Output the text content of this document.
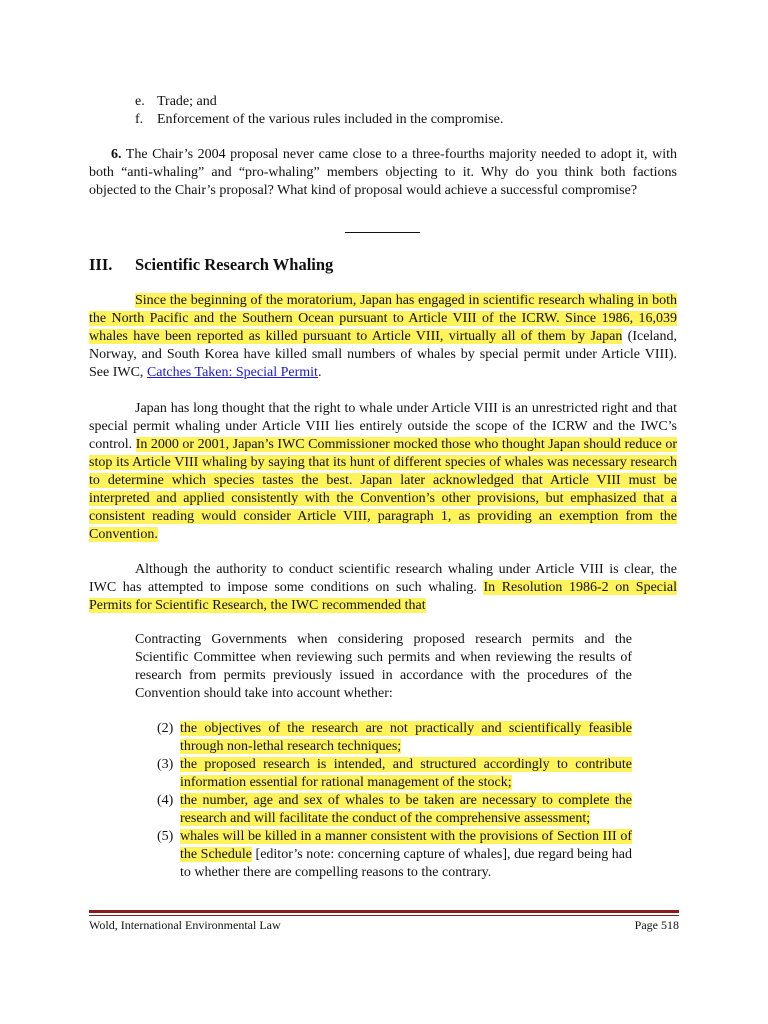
e. Trade; and
f. Enforcement of the various rules included in the compromise.
6. The Chair’s 2004 proposal never came close to a three-fourths majority needed to adopt it, with both “anti-whaling” and “pro-whaling” members objecting to it. Why do you think both factions objected to the Chair’s proposal? What kind of proposal would achieve a successful compromise?
III.	Scientific Research Whaling
Since the beginning of the moratorium, Japan has engaged in scientific research whaling in both the North Pacific and the Southern Ocean pursuant to Article VIII of the ICRW. Since 1986, 16,039 whales have been reported as killed pursuant to Article VIII, virtually all of them by Japan (Iceland, Norway, and South Korea have killed small numbers of whales by special permit under Article VIII). See IWC, Catches Taken: Special Permit.
Japan has long thought that the right to whale under Article VIII is an unrestricted right and that special permit whaling under Article VIII lies entirely outside the scope of the ICRW and the IWC’s control. In 2000 or 2001, Japan’s IWC Commissioner mocked those who thought Japan should reduce or stop its Article VIII whaling by saying that its hunt of different species of whales was necessary research to determine which species tastes the best. Japan later acknowledged that Article VIII must be interpreted and applied consistently with the Convention’s other provisions, but emphasized that a consistent reading would consider Article VIII, paragraph 1, as providing an exemption from the Convention.
Although the authority to conduct scientific research whaling under Article VIII is clear, the IWC has attempted to impose some conditions on such whaling. In Resolution 1986-2 on Special Permits for Scientific Research, the IWC recommended that
Contracting Governments when considering proposed research permits and the Scientific Committee when reviewing such permits and when reviewing the results of research from permits previously issued in accordance with the procedures of the Convention should take into account whether:
(2) the objectives of the research are not practically and scientifically feasible through non-lethal research techniques;
(3) the proposed research is intended, and structured accordingly to contribute information essential for rational management of the stock;
(4) the number, age and sex of whales to be taken are necessary to complete the research and will facilitate the conduct of the comprehensive assessment;
(5) whales will be killed in a manner consistent with the provisions of Section III of the Schedule [editor’s note: concerning capture of whales], due regard being had to whether there are compelling reasons to the contrary.
Wold, International Environmental Law	Page 518
